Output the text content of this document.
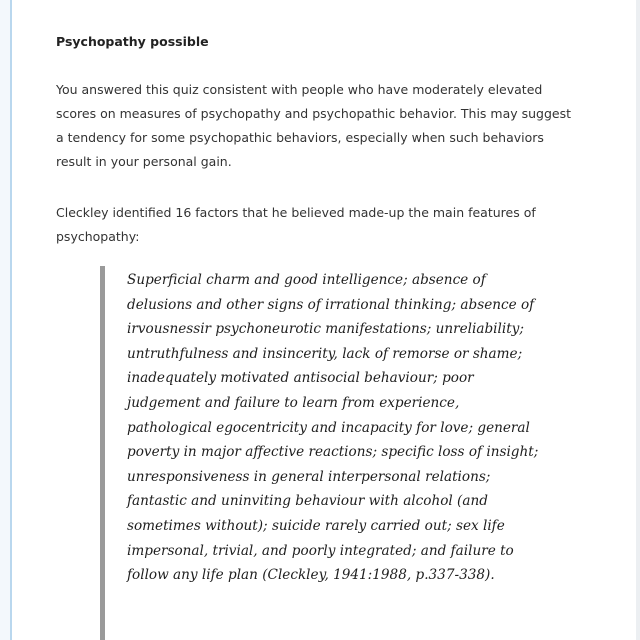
Psychopathy possible

You answered this quiz consistent with people who have moderately elevated scores on measures of psychopathy and psychopathic behavior. This may suggest a tendency for some psychopathic behaviors, especially when such behaviors result in your personal gain.

Cleckley identified 16 factors that he believed made-up the main features of psychopathy:

Superficial charm and good intelligence; absence of delusions and other signs of irrational thinking; absence of irvousnessir psychoneurotic manifestations; unreliability; untruthfulness and insincerity, lack of remorse or shame; inadequately motivated antisocial behaviour; poor judgement and failure to learn from experience, pathological egocentricity and incapacity for love; general poverty in major affective reactions; specific loss of insight; unresponsiveness in general interpersonal relations; fantastic and uninviting behaviour with alcohol (and sometimes without); suicide rarely carried out; sex life impersonal, trivial, and poorly integrated; and failure to follow any life plan (Cleckley, 1941:1988, p.337-338).
